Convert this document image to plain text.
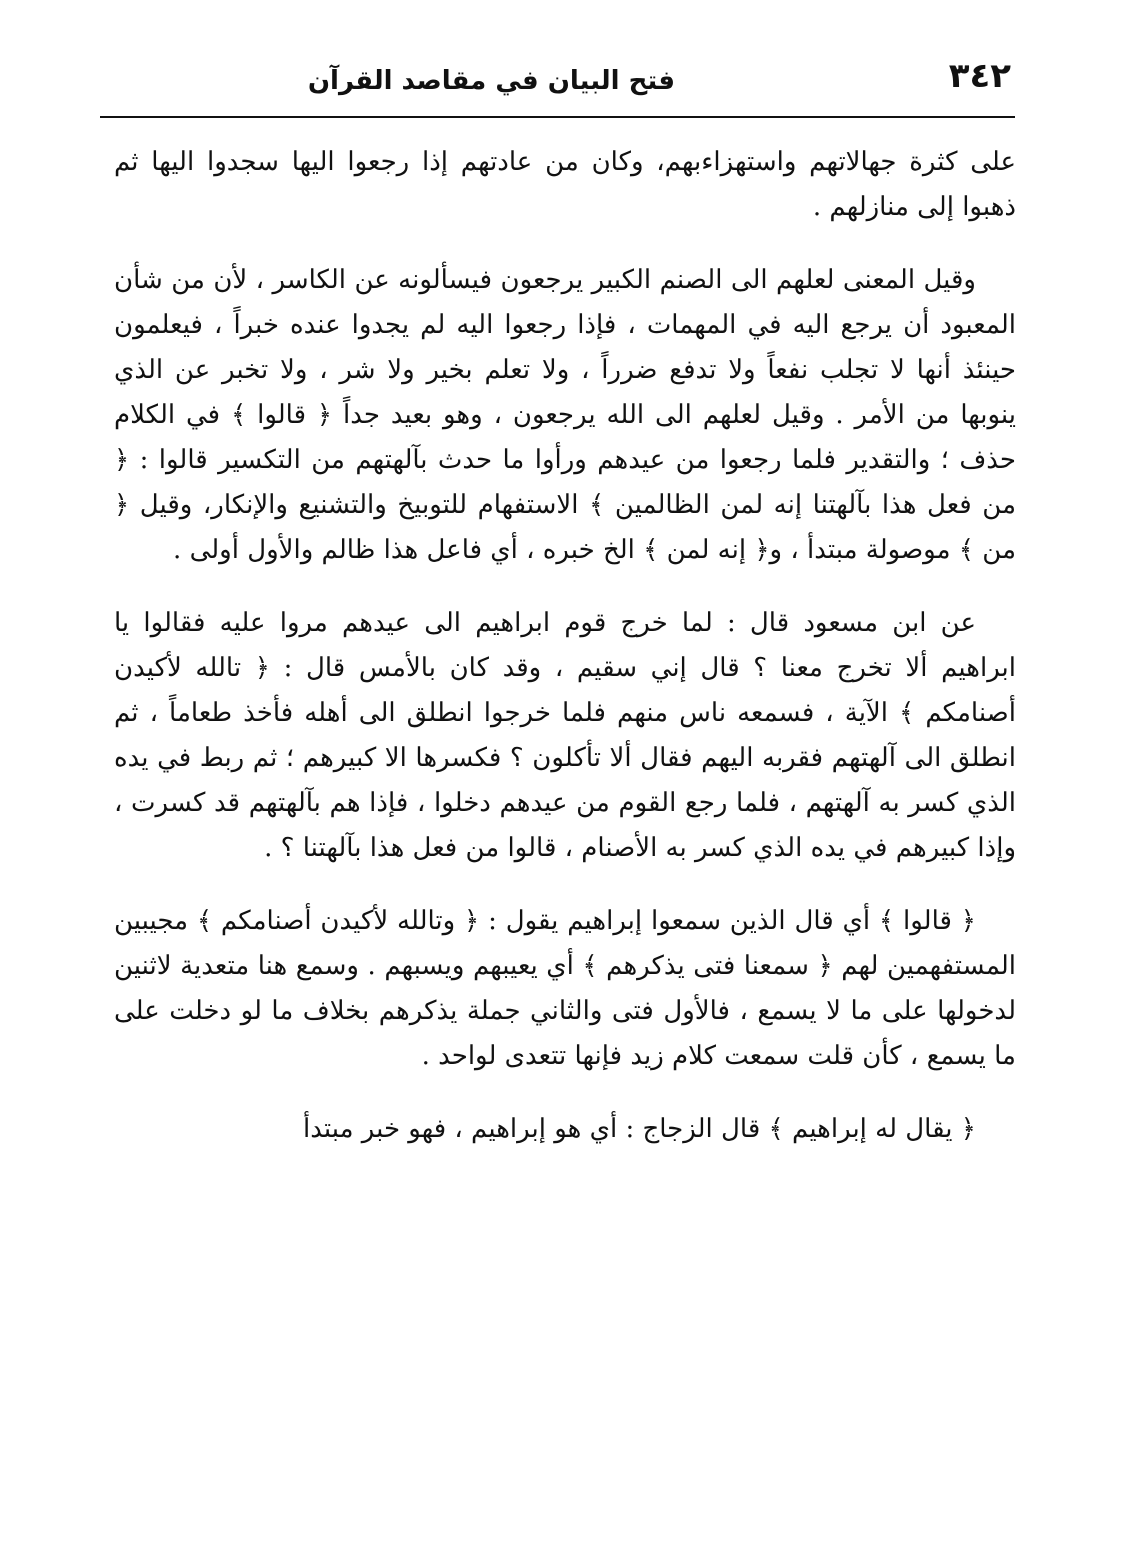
٣٤٢
فتح البيان في مقاصد القرآن

على كثرة جهالاتهم واستهزاءبهم، وكان من عادتهم إذا رجعوا اليها سجدوا اليها ثم ذهبوا إلى منازلهم .

وقيل المعنى لعلهم الى الصنم الكبير يرجعون فيسألونه عن الكاسر ، لأن من شأن المعبود أن يرجع اليه في المهمات ، فإذا رجعوا اليه لم يجدوا عنده خبراً ، فيعلمون حينئذ أنها لا تجلب نفعاً ولا تدفع ضرراً ، ولا تعلم بخير ولا شر ، ولا تخبر عن الذي ينوبها من الأمر . وقيل لعلهم الى الله يرجعون ، وهو بعيد جداً ﴿ قالوا ﴾ في الكلام حذف ؛ والتقدير فلما رجعوا من عيدهم ورأوا ما حدث بآلهتهم من التكسير قالوا : ﴿ من فعل هذا بآلهتنا إنه لمن الظالمين ﴾ الاستفهام للتوبيخ والتشنيع والإنكار، وقيل ﴿ من ﴾ موصولة مبتدأ ، و﴿ إنه لمن ﴾ الخ خبره ، أي فاعل هذا ظالم والأول أولى .

عن ابن مسعود قال : لما خرج قوم ابراهيم الى عيدهم مروا عليه فقالوا يا ابراهيم ألا تخرج معنا ؟ قال إني سقيم ، وقد كان بالأمس قال : ﴿ تالله لأكيدن أصنامكم ﴾ الآية ، فسمعه ناس منهم فلما خرجوا انطلق الى أهله فأخذ طعاماً ، ثم انطلق الى آلهتهم فقربه اليهم فقال ألا تأكلون ؟ فكسرها الا كبيرهم ؛ ثم ربط في يده الذي كسر به آلهتهم ، فلما رجع القوم من عيدهم دخلوا ، فإذا هم بآلهتهم قد كسرت ، وإذا كبيرهم في يده الذي كسر به الأصنام ، قالوا من فعل هذا بآلهتنا ؟ .

﴿ قالوا ﴾ أي قال الذين سمعوا إبراهيم يقول : ﴿ وتالله لأكيدن أصنامكم ﴾ مجيبين المستفهمين لهم ﴿ سمعنا فتى يذكرهم ﴾ أي يعيبهم ويسبهم . وسمع هنا متعدية لاثنين لدخولها على ما لا يسمع ، فالأول فتى والثاني جملة يذكرهم بخلاف ما لو دخلت على ما يسمع ، كأن قلت سمعت كلام زيد فإنها تتعدى لواحد .

﴿ يقال له إبراهيم ﴾ قال الزجاج : أي هو إبراهيم ، فهو خبر مبتدأ
